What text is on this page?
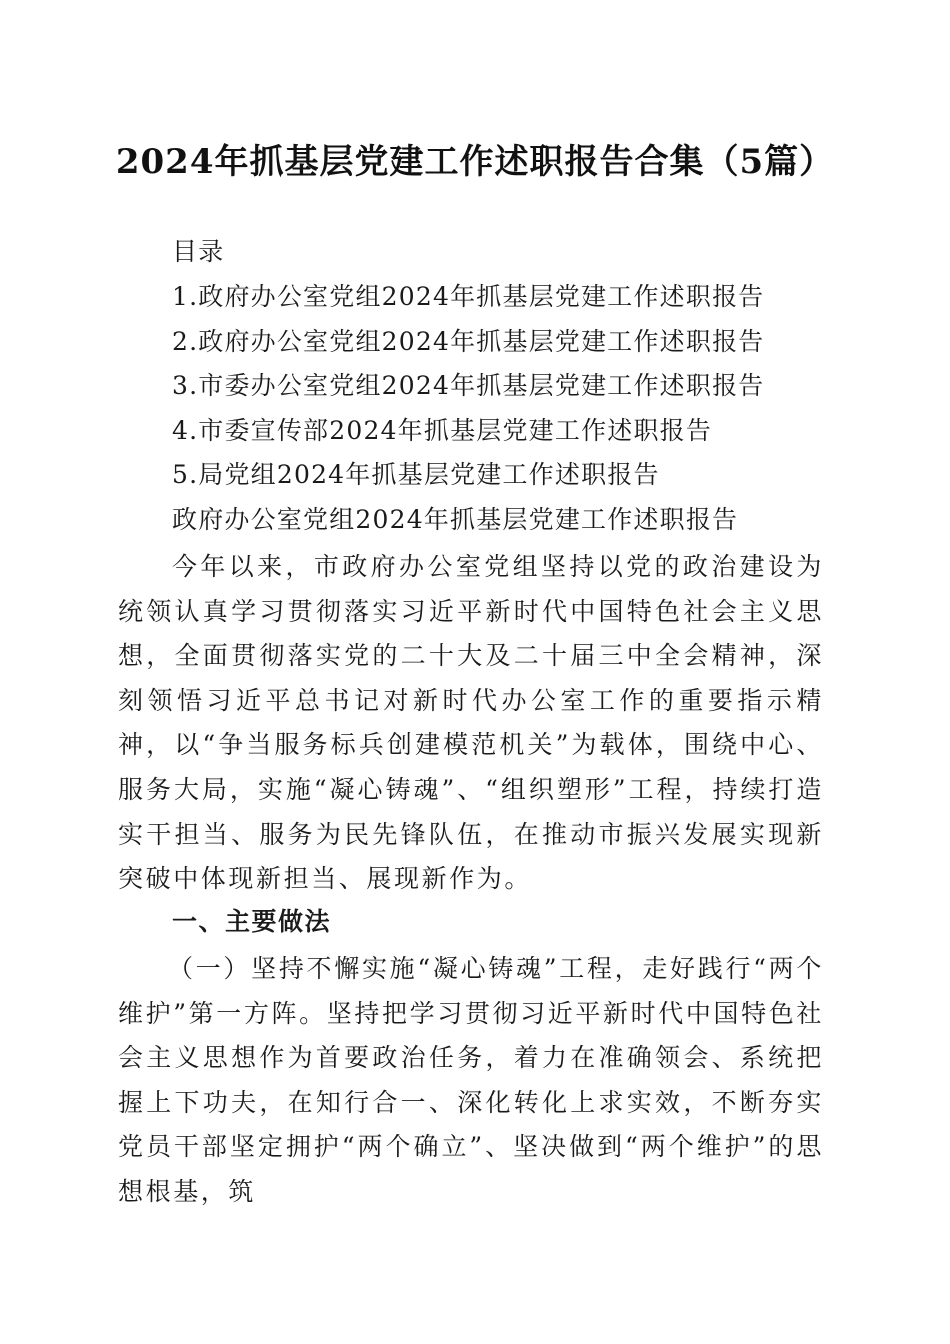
2024年抓基层党建工作述职报告合集（5篇）
目录
1.政府办公室党组2024年抓基层党建工作述职报告
2.政府办公室党组2024年抓基层党建工作述职报告
3.市委办公室党组2024年抓基层党建工作述职报告
4.市委宣传部2024年抓基层党建工作述职报告
5.局党组2024年抓基层党建工作述职报告
政府办公室党组2024年抓基层党建工作述职报告
今年以来，市政府办公室党组坚持以党的政治建设为统领认真学习贯彻落实习近平新时代中国特色社会主义思想，全面贯彻落实党的二十大及二十届三中全会精神，深刻领悟习近平总书记对新时代办公室工作的重要指示精神，以“争当服务标兵创建模范机关”为载体，围绕中心、服务大局，实施“凝心铸魂”、“组织塑形”工程，持续打造实干担当、服务为民先锋队伍，在推动市振兴发展实现新突破中体现新担当、展现新作为。
一、主要做法
（一）坚持不懈实施“凝心铸魂”工程，走好践行“两个维护”第一方阵。坚持把学习贯彻习近平新时代中国特色社会主义思想作为首要政治任务，着力在准确领会、系统把握上下功夫，在知行合一、深化转化上求实效，不断夯实党员干部坚定拥护“两个确立”、坚决做到“两个维护”的思想根基，筑
